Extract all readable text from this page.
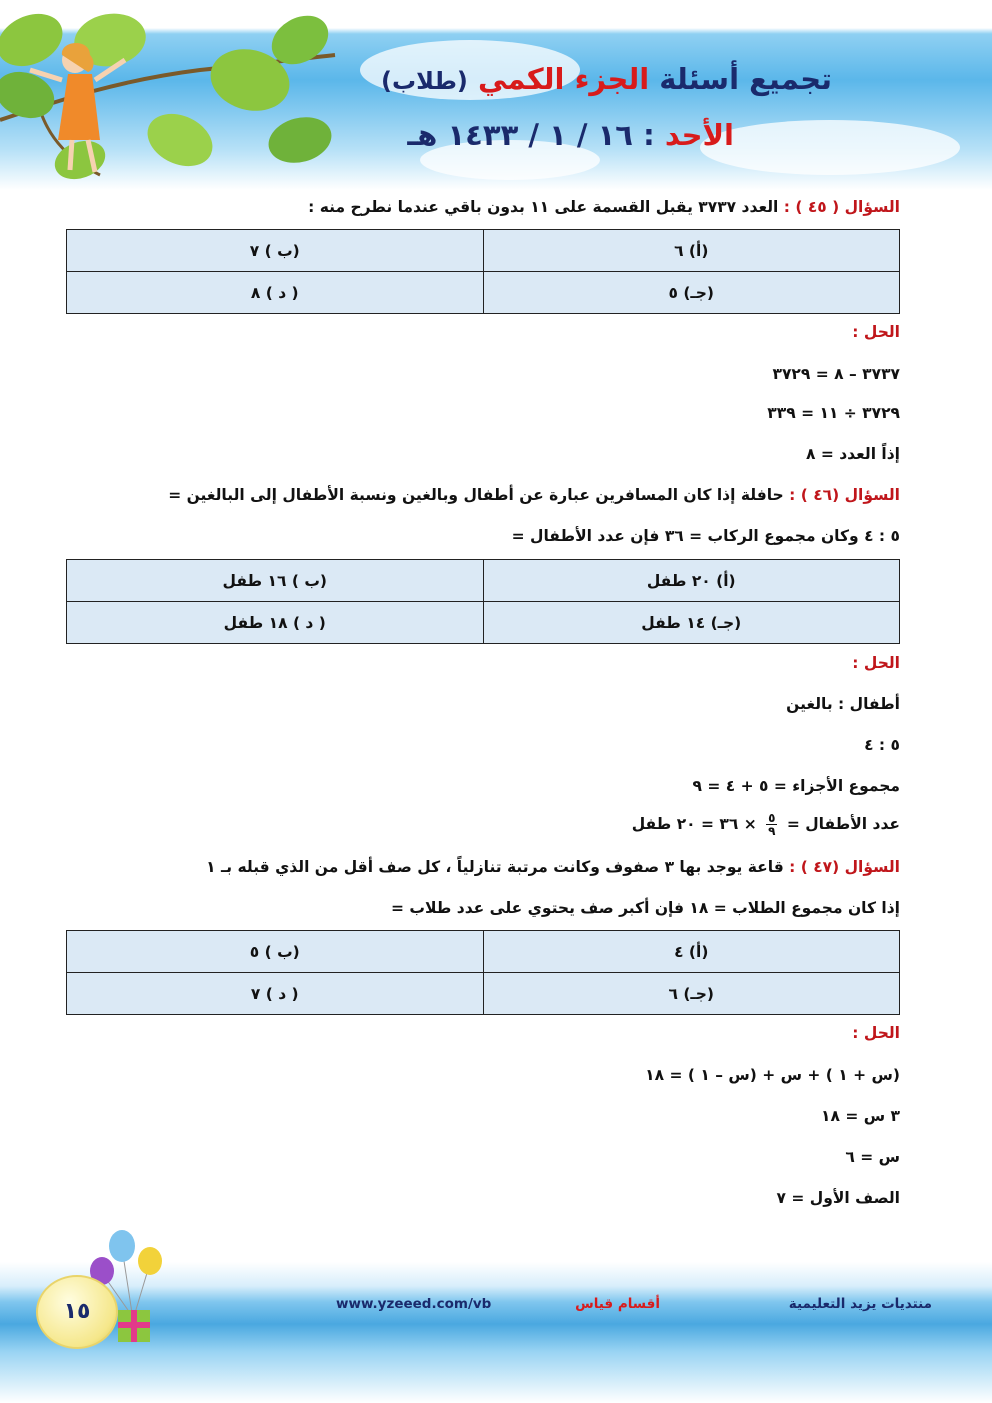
تجميع أسئلة الجزء الكمي (طلاب)
الأحد : ١٦ / ١ / ١٤٣٣ هـ
السؤال ( ٤٥ ) : العدد ٣٧٣٧ يقبل القسمة على ١١ بدون باقي عندما نطرح منه :
(أ) ٦	(ب ) ٧
(جـ) ٥	( د ) ٨
الحل :
٣٧٣٧ – ٨ = ٣٧٢٩
٣٧٢٩ ÷ ١١ = ٣٣٩
إذاً العدد = ٨
السؤال (٤٦ ) : حافلة إذا كان المسافرين عبارة عن أطفال وبالغين ونسبة الأطفال إلى البالغين =
٥ : ٤ وكان مجموع الركاب = ٣٦ فإن عدد الأطفال =
(أ) ٢٠ طفل	(ب ) ١٦ طفل
(جـ) ١٤ طفل	( د ) ١٨ طفل
الحل :
أطفال : بالغين
٥ : ٤
مجموع الأجزاء = ٥ + ٤ = ٩
عدد الأطفال =
$\frac{٥}{٩}$
× ٣٦ = ٢٠ طفل
السؤال (٤٧ ) : قاعة يوجد بها ٣ صفوف وكانت مرتبة تنازلياً ، كل صف أقل من الذي قبله بـ ١
إذا كان مجموع الطلاب = ١٨ فإن أكبر صف يحتوي على عدد طلاب =
(أ) ٤	(ب ) ٥
(جـ) ٦	( د ) ٧
الحل :
(س + ١ ) + س + (س – ١ ) = ١٨
٣ س = ١٨
س = ٦
الصف الأول = ٧
منتديات يزيد التعليمية
أقسام قياس
www.yzeeed.com/vb
١٥
